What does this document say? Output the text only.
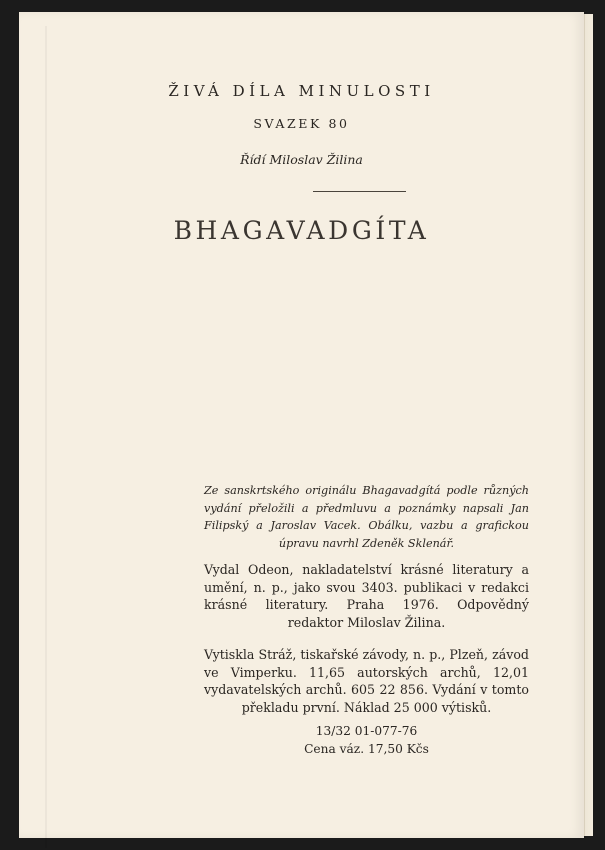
ŽIVÁ DÍLA MINULOSTI
SVAZEK 80
Řídí Miloslav Žilina
BHAGAVADGÍTA
Ze sanskrtského originálu Bhagavadgítá podle různých vydání přeložili a předmluvu a poznámky napsali Jan Filipský a Jaroslav Vacek. Obálku, vazbu a grafickou úpravu navrhl Zdeněk Sklenář.
Vydal Odeon, nakladatelství krásné literatury a umění, n. p., jako svou 3403. publikaci v redakci krásné literatury. Praha 1976. Odpovědný redaktor Miloslav Žilina.
Vytiskla Stráž, tiskařské závody, n. p., Plzeň, závod ve Vimperku. 11,65 autorských archů, 12,01 vydavatelských archů. 605 22 856. Vydání v tomto překladu první. Náklad 25 000 výtisků.
13/32 01-077-76
Cena váz. 17,50 Kčs
